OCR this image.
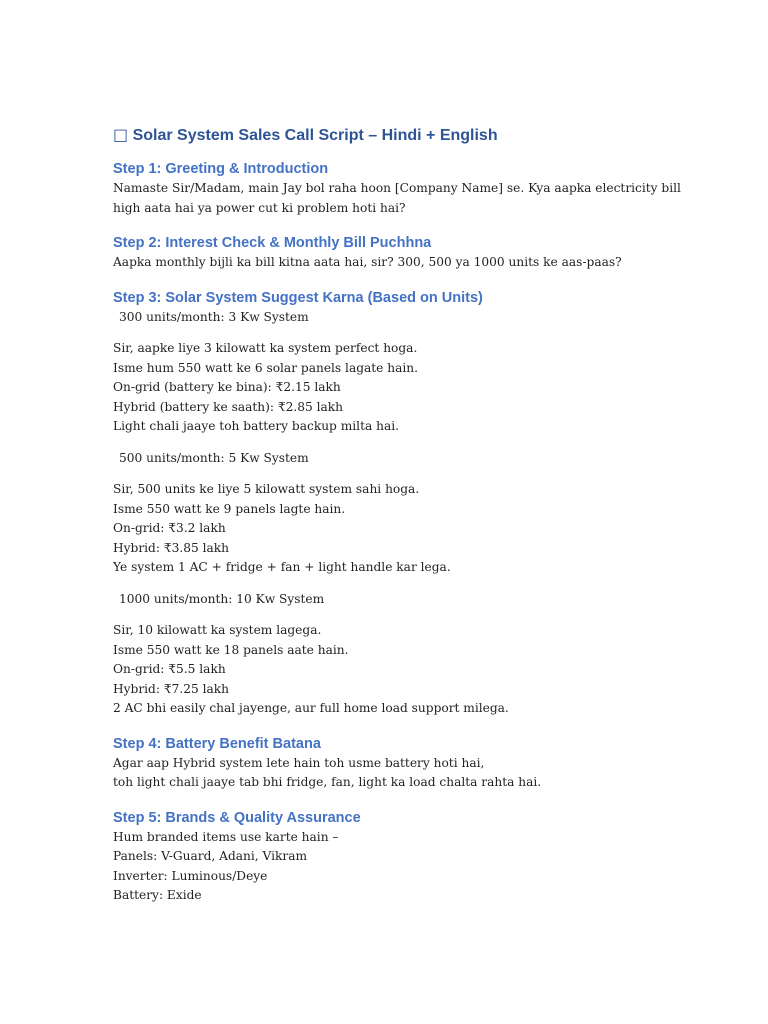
□ Solar System Sales Call Script – Hindi + English
Step 1: Greeting & Introduction
Namaste Sir/Madam, main Jay bol raha hoon [Company Name] se. Kya aapka electricity bill
high aata hai ya power cut ki problem hoti hai?
Step 2: Interest Check & Monthly Bill Puchhna
Aapka monthly bijli ka bill kitna aata hai, sir? 300, 500 ya 1000 units ke aas-paas?
Step 3: Solar System Suggest Karna (Based on Units)
300 units/month: 3 Kw System
Sir, aapke liye 3 kilowatt ka system perfect hoga.
Isme hum 550 watt ke 6 solar panels lagate hain.
On-grid (battery ke bina): ₹2.15 lakh
Hybrid (battery ke saath): ₹2.85 lakh
Light chali jaaye toh battery backup milta hai.
500 units/month: 5 Kw System
Sir, 500 units ke liye 5 kilowatt system sahi hoga.
Isme 550 watt ke 9 panels lagte hain.
On-grid: ₹3.2 lakh
Hybrid: ₹3.85 lakh
Ye system 1 AC + fridge + fan + light handle kar lega.
1000 units/month: 10 Kw System
Sir, 10 kilowatt ka system lagega.
Isme 550 watt ke 18 panels aate hain.
On-grid: ₹5.5 lakh
Hybrid: ₹7.25 lakh
2 AC bhi easily chal jayenge, aur full home load support milega.
Step 4: Battery Benefit Batana
Agar aap Hybrid system lete hain toh usme battery hoti hai,
toh light chali jaaye tab bhi fridge, fan, light ka load chalta rahta hai.
Step 5: Brands & Quality Assurance
Hum branded items use karte hain –
Panels: V-Guard, Adani, Vikram
Inverter: Luminous/Deye
Battery: Exide
